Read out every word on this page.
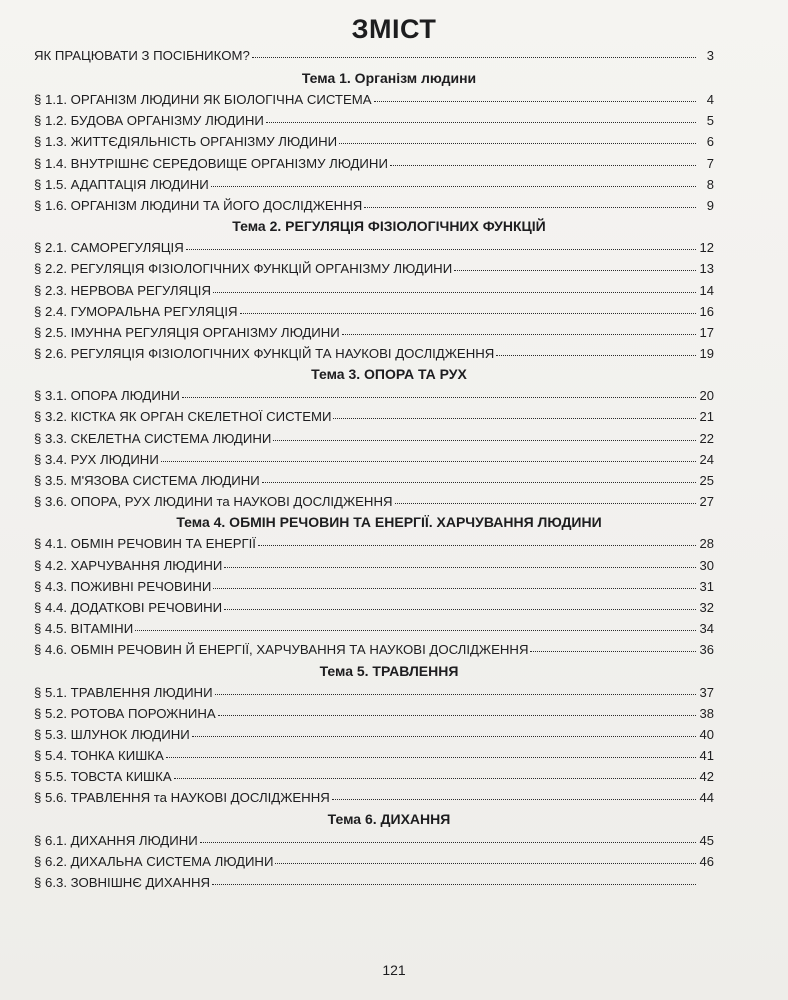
ЗМІСТ
ЯК ПРАЦЮВАТИ З ПОСІБНИКОМ?	3
Тема 1. Організм людини
§ 1.1. ОРГАНІЗМ ЛЮДИНИ ЯК БІОЛОГІЧНА СИСТЕМА	4
§ 1.2. БУДОВА ОРГАНІЗМУ ЛЮДИНИ	5
§ 1.3. ЖИТТЄДІЯЛЬНІСТЬ ОРГАНІЗМУ ЛЮДИНИ	6
§ 1.4. ВНУТРІШНЄ СЕРЕДОВИЩЕ ОРГАНІЗМУ ЛЮДИНИ	7
§ 1.5. АДАПТАЦІЯ ЛЮДИНИ	8
§ 1.6. ОРГАНІЗМ ЛЮДИНИ ТА ЙОГО ДОСЛІДЖЕННЯ	9
Тема 2. РЕГУЛЯЦІЯ ФІЗІОЛОГІЧНИХ ФУНКЦІЙ
§ 2.1. САМОРЕГУЛЯЦІЯ	12
§ 2.2. РЕГУЛЯЦІЯ ФІЗІОЛОГІЧНИХ ФУНКЦІЙ ОРГАНІЗМУ ЛЮДИНИ	13
§ 2.3. НЕРВОВА РЕГУЛЯЦІЯ	14
§ 2.4. ГУМОРАЛЬНА РЕГУЛЯЦІЯ	16
§ 2.5. ІМУННА РЕГУЛЯЦІЯ ОРГАНІЗМУ ЛЮДИНИ	17
§ 2.6. РЕГУЛЯЦІЯ ФІЗІОЛОГІЧНИХ ФУНКЦІЙ ТА НАУКОВІ ДОСЛІДЖЕННЯ	19
Тема 3. ОПОРА ТА РУХ
§ 3.1. ОПОРА ЛЮДИНИ	20
§ 3.2. КІСТКА ЯК ОРГАН СКЕЛЕТНОЇ СИСТЕМИ	21
§ 3.3. СКЕЛЕТНА СИСТЕМА ЛЮДИНИ	22
§ 3.4. РУХ ЛЮДИНИ	24
§ 3.5. М'ЯЗОВА СИСТЕМА ЛЮДИНИ	25
§ 3.6. ОПОРА, РУХ ЛЮДИНИ та НАУКОВІ ДОСЛІДЖЕННЯ	27
Тема 4. ОБМІН РЕЧОВИН ТА ЕНЕРГІЇ. ХАРЧУВАННЯ ЛЮДИНИ
§ 4.1. ОБМІН РЕЧОВИН ТА ЕНЕРГІЇ	28
§ 4.2. ХАРЧУВАННЯ ЛЮДИНИ	30
§ 4.3. ПОЖИВНІ РЕЧОВИНИ	31
§ 4.4. ДОДАТКОВІ РЕЧОВИНИ	32
§ 4.5. ВІТАМІНИ	34
§ 4.6. ОБМІН РЕЧОВИН Й ЕНЕРГІЇ, ХАРЧУВАННЯ ТА НАУКОВІ ДОСЛІДЖЕННЯ	36
Тема 5. ТРАВЛЕННЯ
§ 5.1. ТРАВЛЕННЯ ЛЮДИНИ	37
§ 5.2. РОТОВА ПОРОЖНИНА	38
§ 5.3. ШЛУНОК ЛЮДИНИ	40
§ 5.4. ТОНКА КИШКА	41
§ 5.5. ТОВСТА КИШКА	42
§ 5.6. ТРАВЛЕННЯ та НАУКОВІ ДОСЛІДЖЕННЯ	44
Тема 6. ДИХАННЯ
§ 6.1. ДИХАННЯ ЛЮДИНИ	45
§ 6.2. ДИХАЛЬНА СИСТЕМА ЛЮДИНИ	46
§ 6.3. ЗОВНІШНЄ ДИХАННЯ
121
